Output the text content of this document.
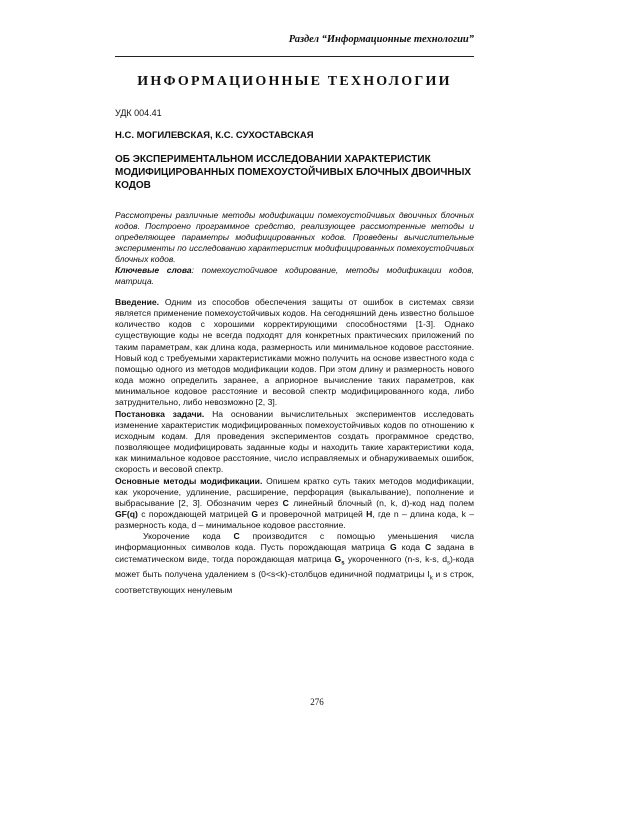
Раздел “Информационные технологии”
ИНФОРМАЦИОННЫЕ ТЕХНОЛОГИИ
УДК 004.41
Н.С. МОГИЛЕВСКАЯ, К.С. СУХОСТАВСКАЯ
ОБ ЭКСПЕРИМЕНТАЛЬНОМ ИССЛЕДОВАНИИ ХАРАКТЕРИСТИК МОДИФИЦИРОВАННЫХ ПОМЕХОУСТОЙЧИВЫХ БЛОЧНЫХ ДВОИЧНЫХ КОДОВ

Рассмотрены различные методы модификации помехоустойчивых двоичных блочных кодов. Построено программное средство, реализующее рассмотренные методы и определяющее параметры модифицированных кодов. Проведены вычислительные эксперименты по исследованию характеристик модифицированных помехоустойчивых блочных кодов.

Ключевые слова: помехоустойчивое кодирование, методы модификации кодов, матрица.

Введение. Одним из способов обеспечения защиты от ошибок в системах связи является применение помехоустойчивых кодов. На сегодняшний день известно большое количество кодов с хорошими корректирующими способностями [1-3]. Однако существующие коды не всегда подходят для конкретных практических приложений по таким параметрам, как длина кода, размерность или минимальное кодовое расстояние. Новый код с требуемыми характеристиками можно получить на основе известного кода с помощью одного из методов модификации кодов. При этом длину и размерность нового кода можно определить заранее, а априорное вычисление таких параметров, как минимальное кодовое расстояние и весовой спектр модифицированного кода, либо затруднительно, либо невозможно [2, 3].

Постановка задачи. На основании вычислительных экспериментов исследовать изменение характеристик модифицированных помехоустойчивых кодов по отношению к исходным кодам. Для проведения экспериментов создать программное средство, позволяющее модифицировать заданные коды и находить такие характеристики кода, как минимальное кодовое расстояние, число исправляемых и обнаруживаемых ошибок, скорость и весовой спектр.

Основные методы модификации. Опишем кратко суть таких методов модификации, как укорочение, удлинение, расширение, перфорация (выкалывание), пополнение и выбрасывание [2, 3]. Обозначим через C линейный блочный (n, k, d)-код над полем GF(q) с порождающей матрицей G и проверочной матрицей H, где n – длина кода, k – размерность кода, d – минимальное кодовое расстояние.

Укорочение кода C производится с помощью уменьшения числа информационных символов кода. Пусть порождающая матрица G кода C задана в систематическом виде, тогда порождающая матрица $G_s$ укороченного (n-s, k-s, $d_s$)-кода может быть получена удалением s (0<s<k)-столбцов единичной подматрицы $I_k$ и s строк, соответствующих ненулевым

276
